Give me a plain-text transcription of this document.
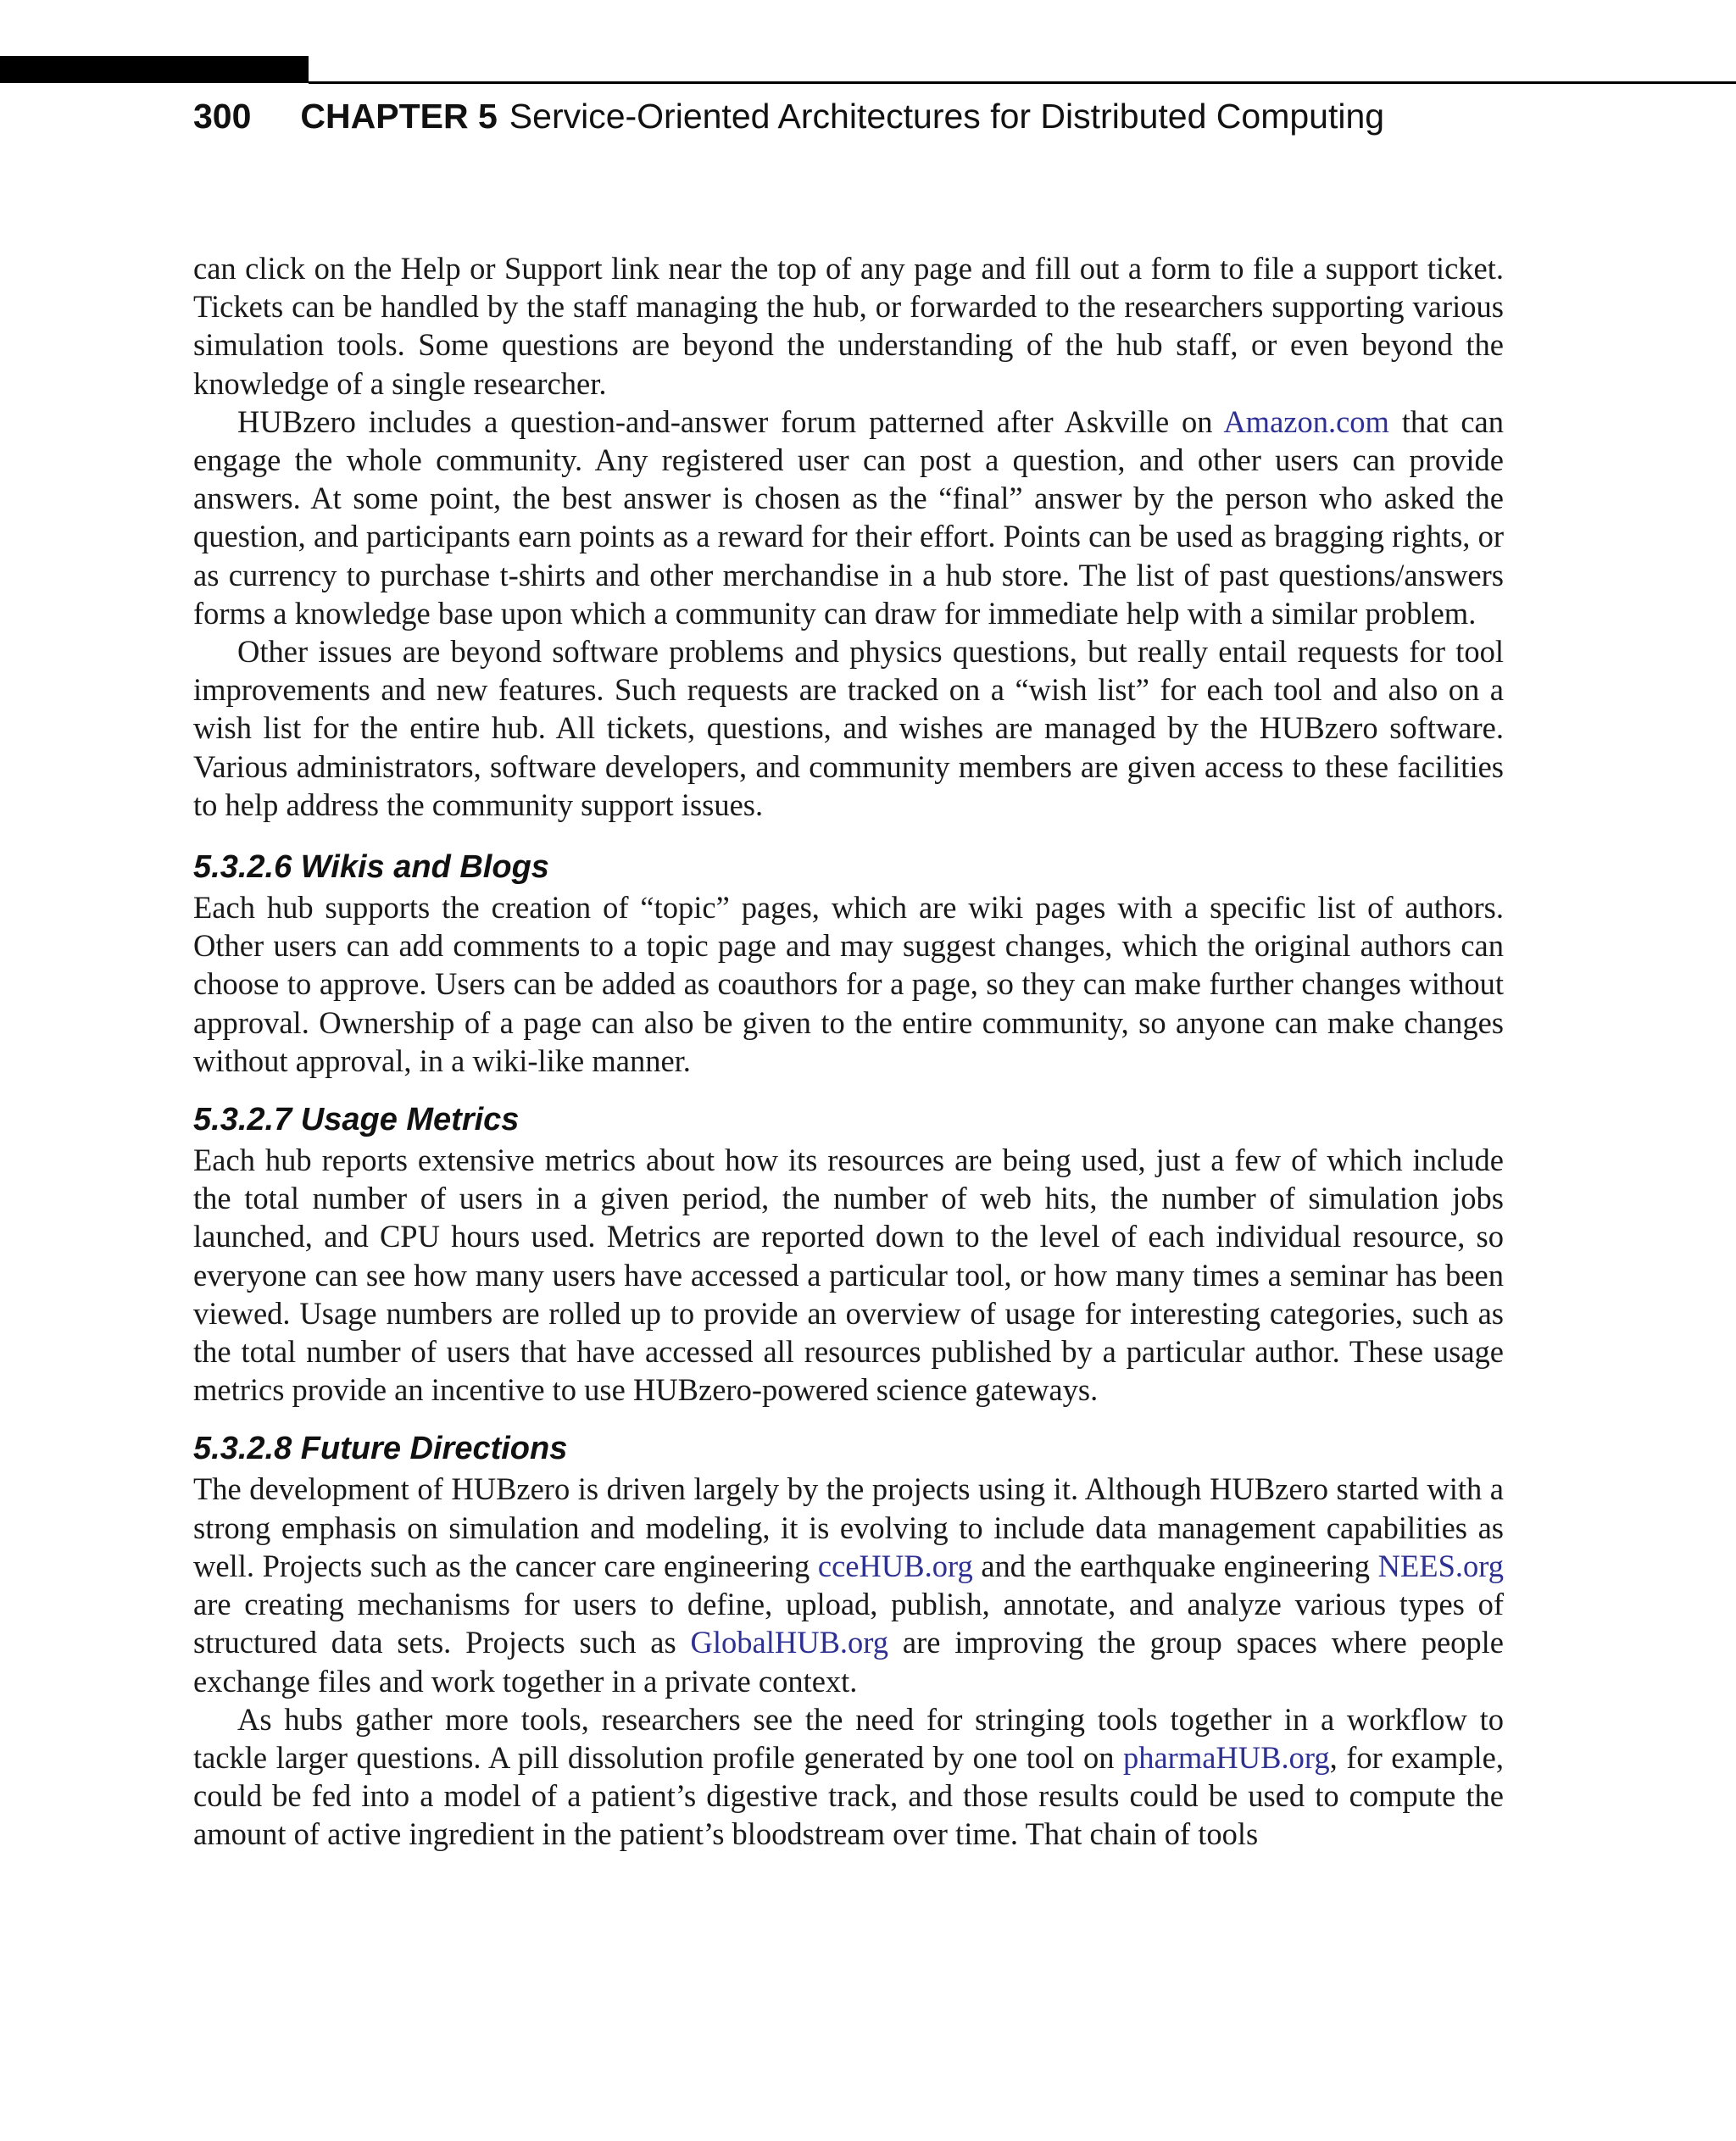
300 CHAPTER 5 Service-Oriented Architectures for Distributed Computing

can click on the Help or Support link near the top of any page and fill out a form to file a support ticket. Tickets can be handled by the staff managing the hub, or forwarded to the researchers supporting various simulation tools. Some questions are beyond the understanding of the hub staff, or even beyond the knowledge of a single researcher.

HUBzero includes a question-and-answer forum patterned after Askville on Amazon.com that can engage the whole community. Any registered user can post a question, and other users can provide answers. At some point, the best answer is chosen as the “final” answer by the person who asked the question, and participants earn points as a reward for their effort. Points can be used as bragging rights, or as currency to purchase t-shirts and other merchandise in a hub store. The list of past questions/answers forms a knowledge base upon which a community can draw for immediate help with a similar problem.

Other issues are beyond software problems and physics questions, but really entail requests for tool improvements and new features. Such requests are tracked on a “wish list” for each tool and also on a wish list for the entire hub. All tickets, questions, and wishes are managed by the HUBzero software. Various administrators, software developers, and community members are given access to these facilities to help address the community support issues.

5.3.2.6 Wikis and Blogs

Each hub supports the creation of “topic” pages, which are wiki pages with a specific list of authors. Other users can add comments to a topic page and may suggest changes, which the original authors can choose to approve. Users can be added as coauthors for a page, so they can make further changes without approval. Ownership of a page can also be given to the entire community, so anyone can make changes without approval, in a wiki-like manner.

5.3.2.7 Usage Metrics

Each hub reports extensive metrics about how its resources are being used, just a few of which include the total number of users in a given period, the number of web hits, the number of simulation jobs launched, and CPU hours used. Metrics are reported down to the level of each individual resource, so everyone can see how many users have accessed a particular tool, or how many times a seminar has been viewed. Usage numbers are rolled up to provide an overview of usage for interesting categories, such as the total number of users that have accessed all resources published by a particular author. These usage metrics provide an incentive to use HUBzero-powered science gateways.

5.3.2.8 Future Directions

The development of HUBzero is driven largely by the projects using it. Although HUBzero started with a strong emphasis on simulation and modeling, it is evolving to include data management capabilities as well. Projects such as the cancer care engineering cceHUB.org and the earthquake engineering NEES.org are creating mechanisms for users to define, upload, publish, annotate, and analyze various types of structured data sets. Projects such as GlobalHUB.org are improving the group spaces where people exchange files and work together in a private context.

As hubs gather more tools, researchers see the need for stringing tools together in a workflow to tackle larger questions. A pill dissolution profile generated by one tool on pharmaHUB.org, for example, could be fed into a model of a patient’s digestive track, and those results could be used to compute the amount of active ingredient in the patient’s bloodstream over time. That chain of tools
